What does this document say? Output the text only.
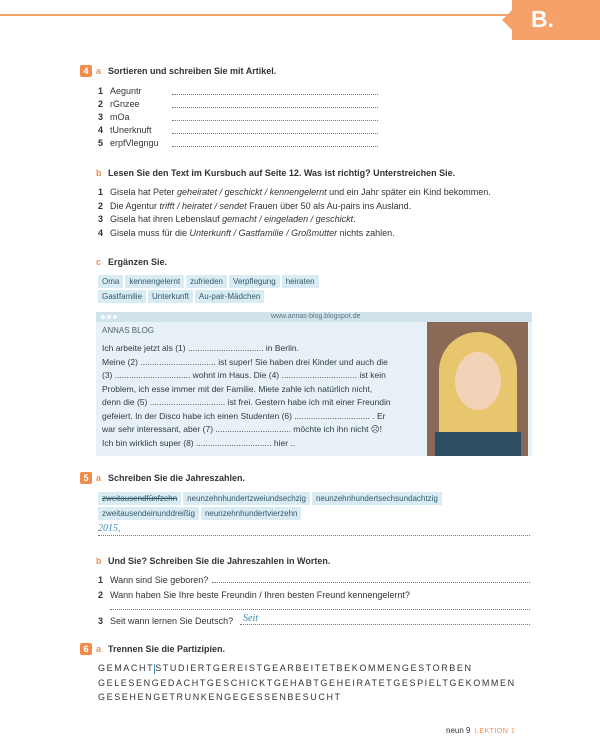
B.
4 a Sortieren und schreiben Sie mit Artikel.
1 Aeguntr
2 rGnzee
3 mOa
4 tUnerknuft
5 erpfVlegngu
b Lesen Sie den Text im Kursbuch auf Seite 12. Was ist richtig? Unterstreichen Sie.
1 Gisela hat Peter geheiratet / geschickt / kennengelernt und ein Jahr später ein Kind bekommen.
2 Die Agentur trifft / heiratet / sendet Frauen über 50 als Au-pairs ins Ausland.
3 Gisela hat ihren Lebenslauf gemacht / eingeladen / geschickt.
4 Gisela muss für die Unterkunft / Gastfamilie / Großmutter nichts zahlen.
c Ergänzen Sie.
Oma kennengelernt zufrieden Verpflegung heiraten
Gastfamilie Unterkunft Au-pair-Mädchen
www.annas-blog.blogspot.de
ANNAS BLOG
Ich arbeite jetzt als (1) ................................ in Berlin.
Meine (2) ................................ ist super! Sie haben drei Kinder und auch die
(3) ................................ wohnt im Haus. Die (4) ................................ ist kein
Problem, ich esse immer mit der Familie. Miete zahle ich natürlich nicht,
denn die (5) ................................ ist frei. Gestern habe ich mit einer Freundin
gefeiert. In der Disco habe ich einen Studenten (6) ................................ . Er
war sehr interessant, aber (7) ................................ möchte ich ihn nicht ☹!
Ich bin wirklich super (8) ................................ hier ..
5 a Schreiben Sie die Jahreszahlen.
zweitausendfünfzehn neunzehnhundertzweiundsechzig neunzehnhundertsechsundachtzig
zweitausendeinunddreißig neunzehnhundertvierzehn
2015,
b Und Sie? Schreiben Sie die Jahreszahlen in Worten.
1 Wann sind Sie geboren?
2 Wann haben Sie Ihre beste Freundin / Ihren besten Freund kennengelernt?
3 Seit wann lernen Sie Deutsch? Seit
6 a Trennen Sie die Partizipien.
GEMACHTSTUDIERTGEREISTGEARBEITETBEKOMMENGESTORBEN
GELESENGEDACHTGESCHICKTGEHABTGEHEIRATETGESPIELTGEKOMMEN
GESEHENGETRUNKENGEGESSENBESUCHT
neun 9 LEKTION 1
